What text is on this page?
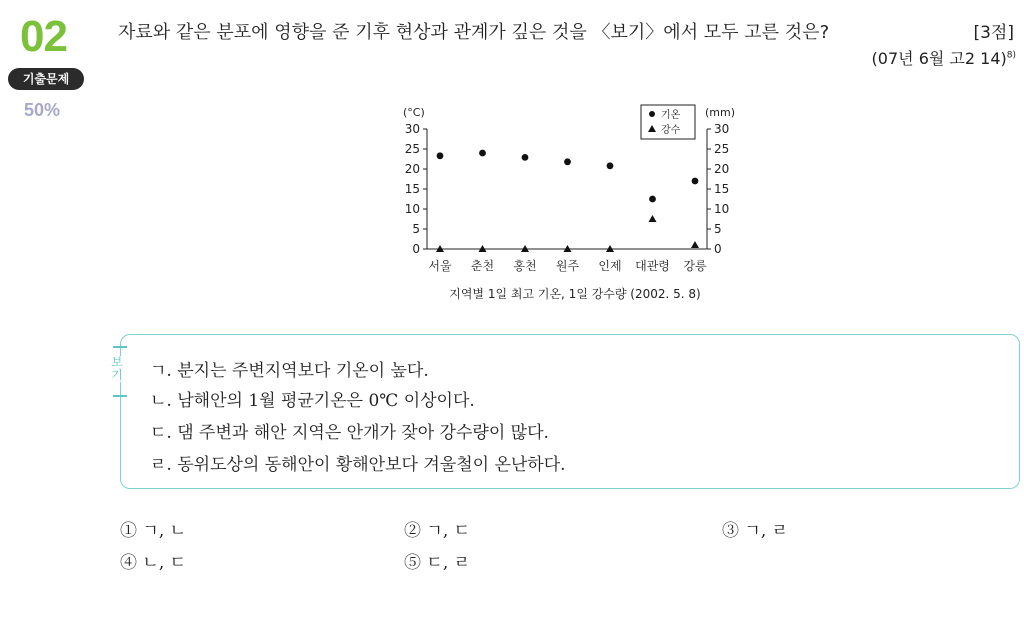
02
기출문제
50%
자료와 같은 분포에 영향을 준 기후 현상과 관계가 깊은 것을 〈보기〉에서 모두 고른 것은?	[3점]
(07년 6월 고2 14)$^{8)}$
0	0
5	5
10	10
15	15
20	20
25	25
30	30
(°C)	(mm)
서울 춘천 홍천 원주 인제 대관령 강릉
기온
강수
지역별 1일 최고 기온, 1일 강수량 (2002. 5. 8)
보기 ㄱ. 분지는 주변지역보다 기온이 높다.
ㄴ. 남해안의 1월 평균기온은 0℃ 이상이다.
ㄷ. 댐 주변과 해안 지역은 안개가 잦아 강수량이 많다.
ㄹ. 동위도상의 동해안이 황해안보다 겨울철이 온난하다.
① ㄱ, ㄴ	② ㄱ, ㄷ	③ ㄱ, ㄹ
④ ㄴ, ㄷ	⑤ ㄷ, ㄹ
